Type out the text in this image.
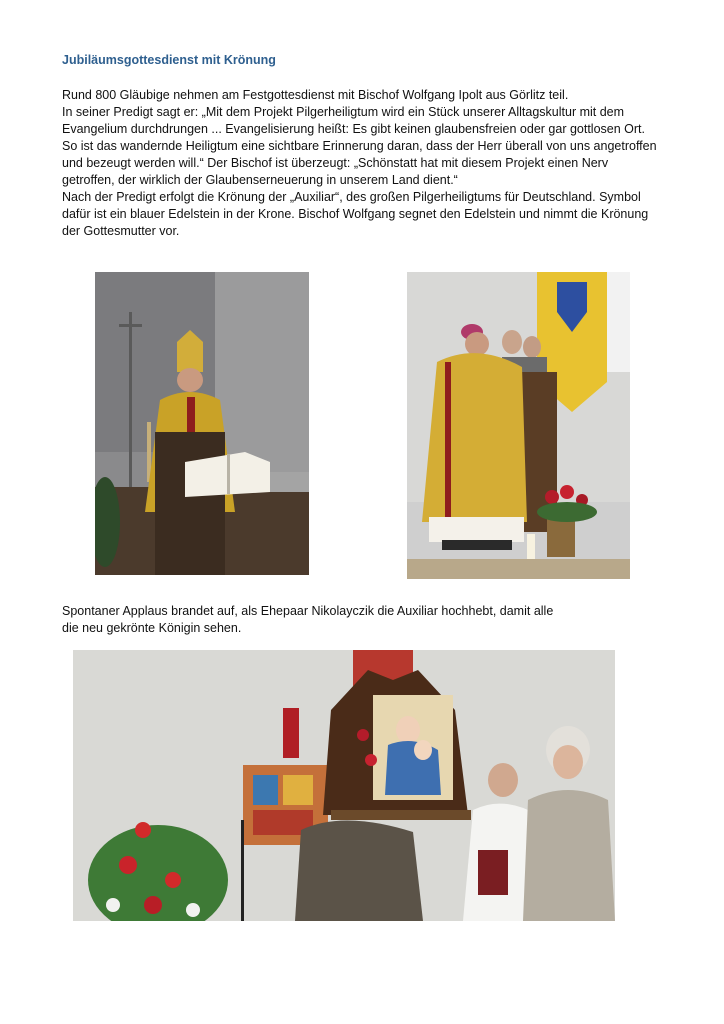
Jubiläumsgottesdienst mit Krönung

Rund 800 Gläubige nehmen am Festgottesdienst mit Bischof Wolfgang Ipolt aus Görlitz teil.

In seiner Predigt sagt er: „Mit dem Projekt Pilgerheiligtum wird ein Stück unserer Alltagskultur mit dem Evangelium durchdrungen ... Evangelisierung heißt: Es gibt keinen glaubensfreien oder gar gottlosen Ort. So ist das wandernde Heiligtum eine sichtbare Erinnerung daran, dass der Herr überall von uns angetroffen und bezeugt werden will.“ Der Bischof ist überzeugt: „Schönstatt hat mit diesem Projekt einen Nerv getroffen, der wirklich der Glaubenserneuerung in unserem Land dient.“

Nach der Predigt erfolgt die Krönung der „Auxiliar“, des großen Pilgerheiligtums für Deutschland. Symbol dafür ist ein blauer Edelstein in der Krone. Bischof Wolfgang segnet den Edelstein und nimmt die Krönung der Gottesmutter vor.

Spontaner Applaus brandet auf, als Ehepaar Nikolayczik die Auxiliar hochhebt, damit alle

die neu gekrönte Königin sehen.
